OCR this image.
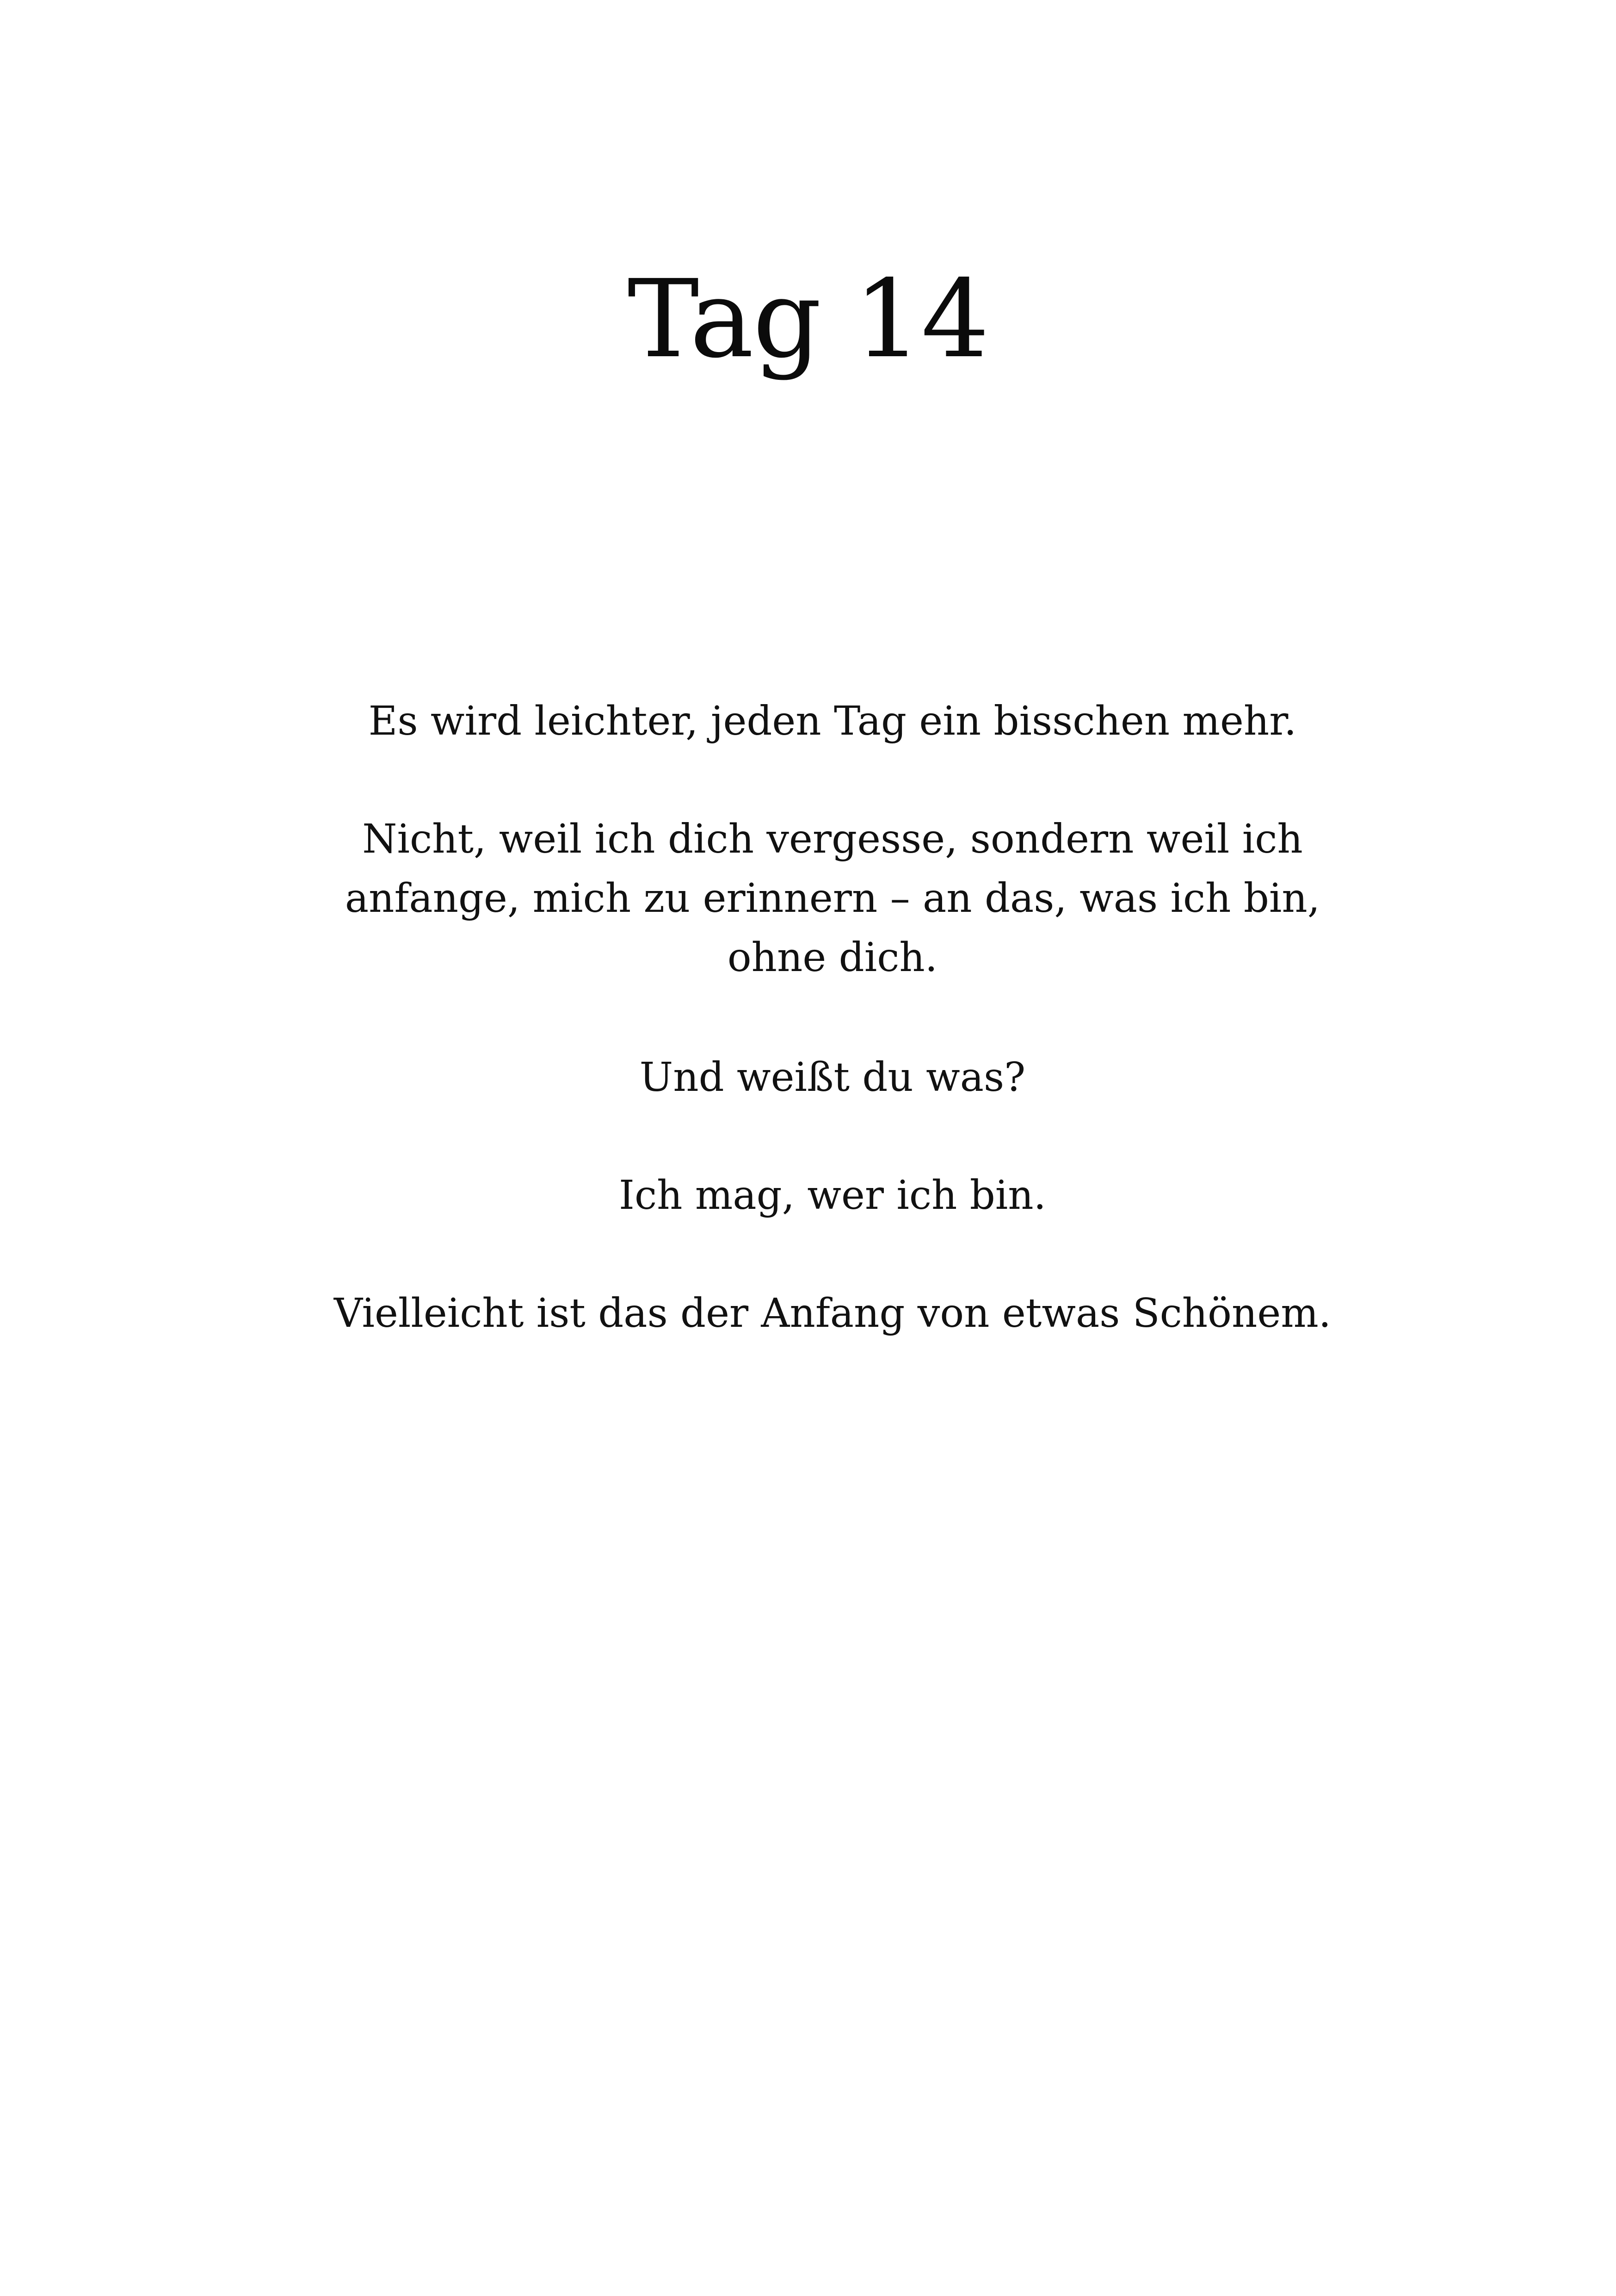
Tag 14

Es wird leichter, jeden Tag ein bisschen mehr.

Nicht, weil ich dich vergesse, sondern weil ich anfange, mich zu erinnern – an das, was ich bin, ohne dich.

Und weißt du was?

Ich mag, wer ich bin.

Vielleicht ist das der Anfang von etwas Schönem.
